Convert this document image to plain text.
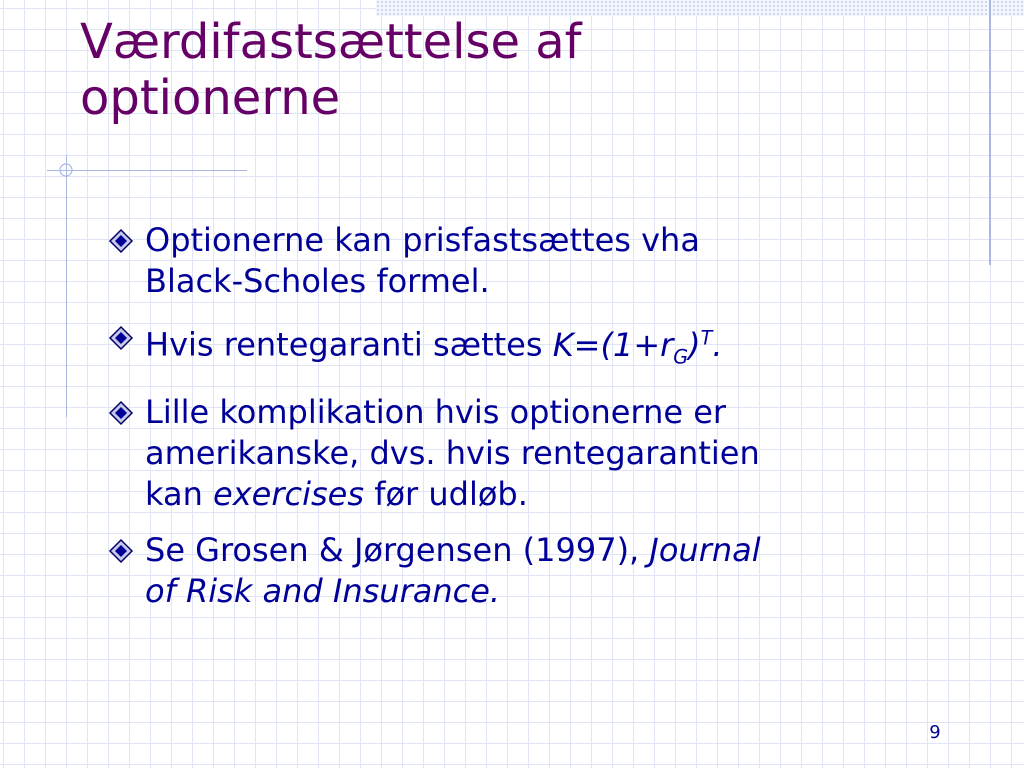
Værdifastsættelse af
optionerne
Optionerne kan prisfastsættes vha
Black-Scholes formel.
Hvis rentegaranti sættes $K=(1+r_G)^T$.
Lille komplikation hvis optionerne er
amerikanske, dvs. hvis rentegarantien
kan exercises før udløb.
Se Grosen & Jørgensen (1997), Journal
of Risk and Insurance.
9
